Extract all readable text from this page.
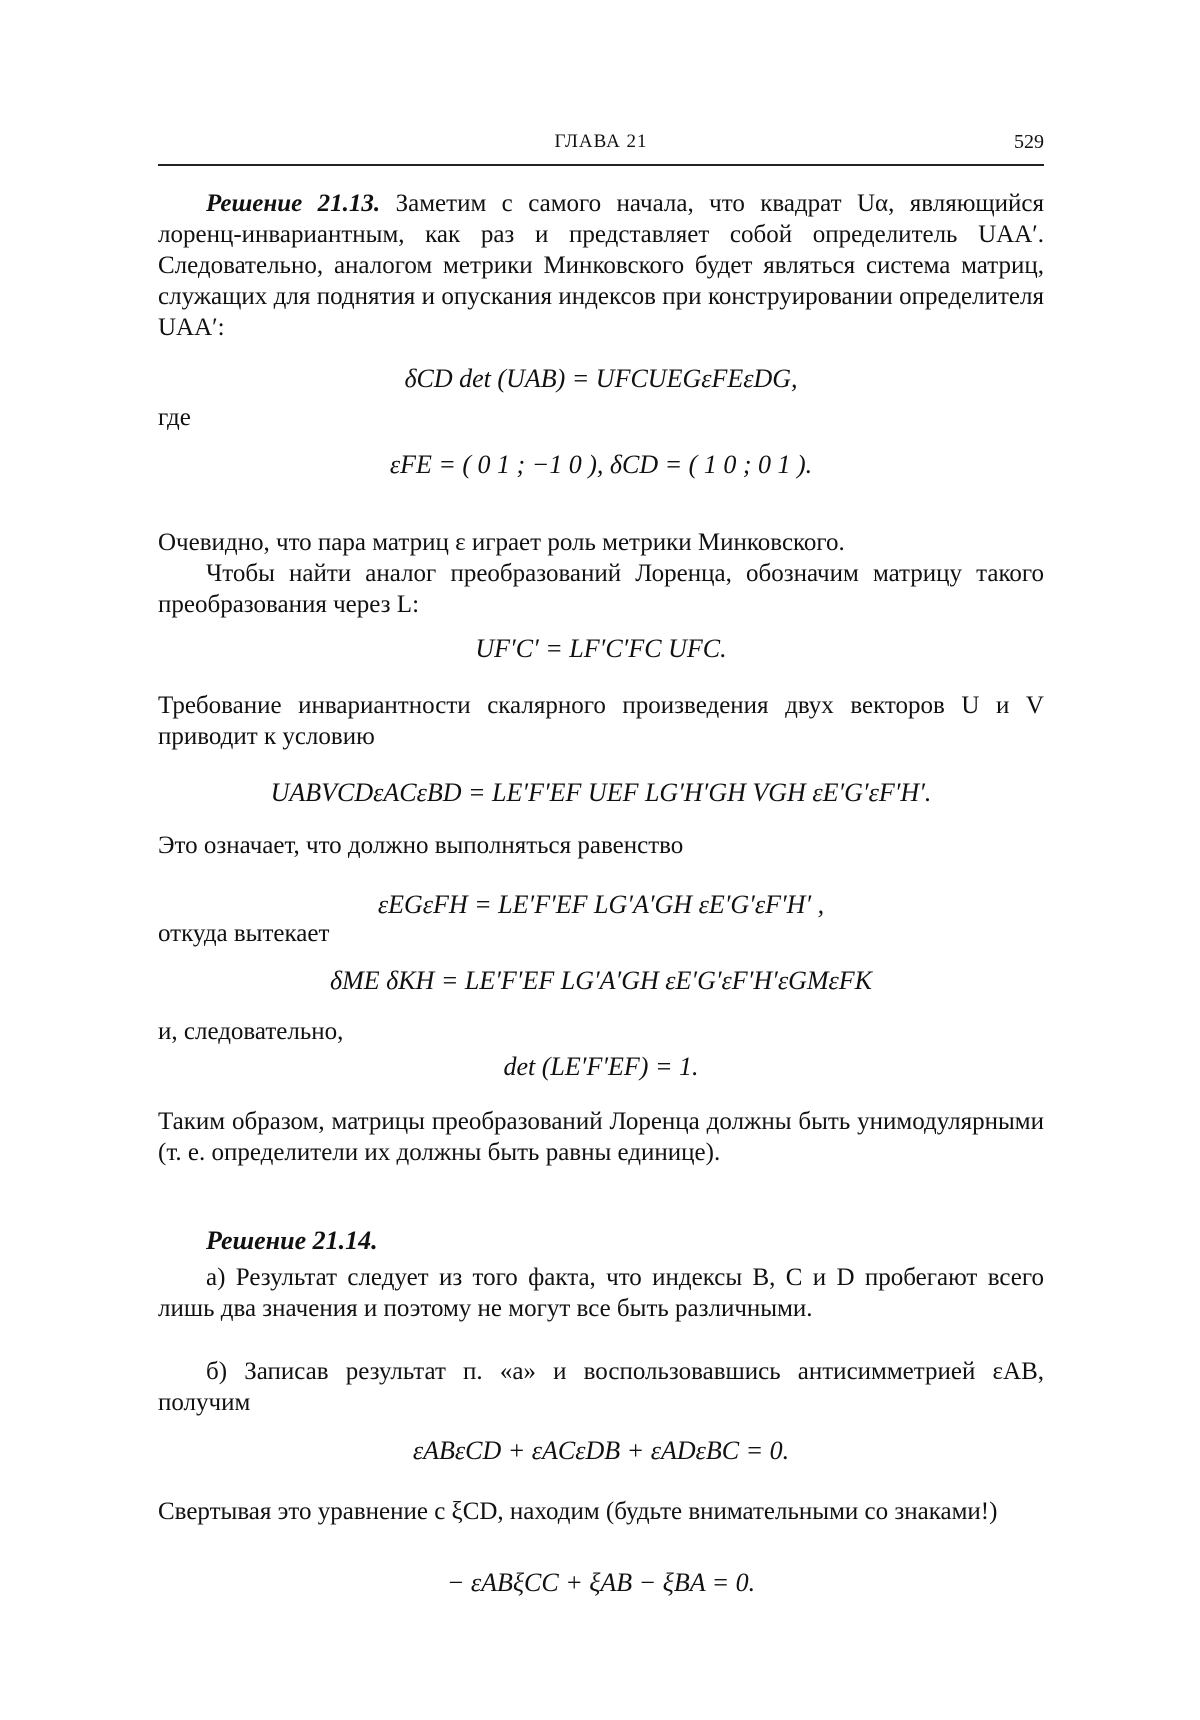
ГЛАВА 21	529
Решение 21.13. Заметим с самого начала, что квадрат Uα, являющийся лоренц-инвариантным, как раз и представляет собой определитель UAA′. Следовательно, аналогом метрики Минковского будет являться система матриц, служащих для поднятия и опускания индексов при конструировании определителя UAA′:
δCD det (UAB) = UFCUEGεFEεDG,
где
εFE = ( 0 1 ; −1 0 ), δCD = ( 1 0 ; 0 1 ).
Очевидно, что пара матриц ε играет роль метрики Минковского.
Чтобы найти аналог преобразований Лоренца, обозначим матрицу такого преобразования через L:
UF′C′ = LF′C′FC UFC.
Требование инвариантности скалярного произведения двух векторов U и V приводит к условию
UABVCDεACεBD = LE′F′EF UEF LG′H′GH VGH εE′G′εF′H′.
Это означает, что должно выполняться равенство
εEGεFH = LE′F′EF LG′A′GH εE′G′εF′H′ ,
откуда вытекает
δME δKH = LE′F′EF LG′A′GH εE′G′εF′H′εGMεFK
и, следовательно,
det (LE′F′EF) = 1.
Таким образом, матрицы преобразований Лоренца должны быть унимодулярными (т. е. определители их должны быть равны единице).
Решение 21.14.
а) Результат следует из того факта, что индексы B, C и D пробегают всего лишь два значения и поэтому не могут все быть различными.
б) Записав результат п. «а» и воспользовавшись антисимметрией εAB, получим
εABεCD + εACεDB + εADεBC = 0.
Свертывая это уравнение с ξCD, находим (будьте внимательными со знаками!)
− εABξCC + ξAB − ξBA = 0.
